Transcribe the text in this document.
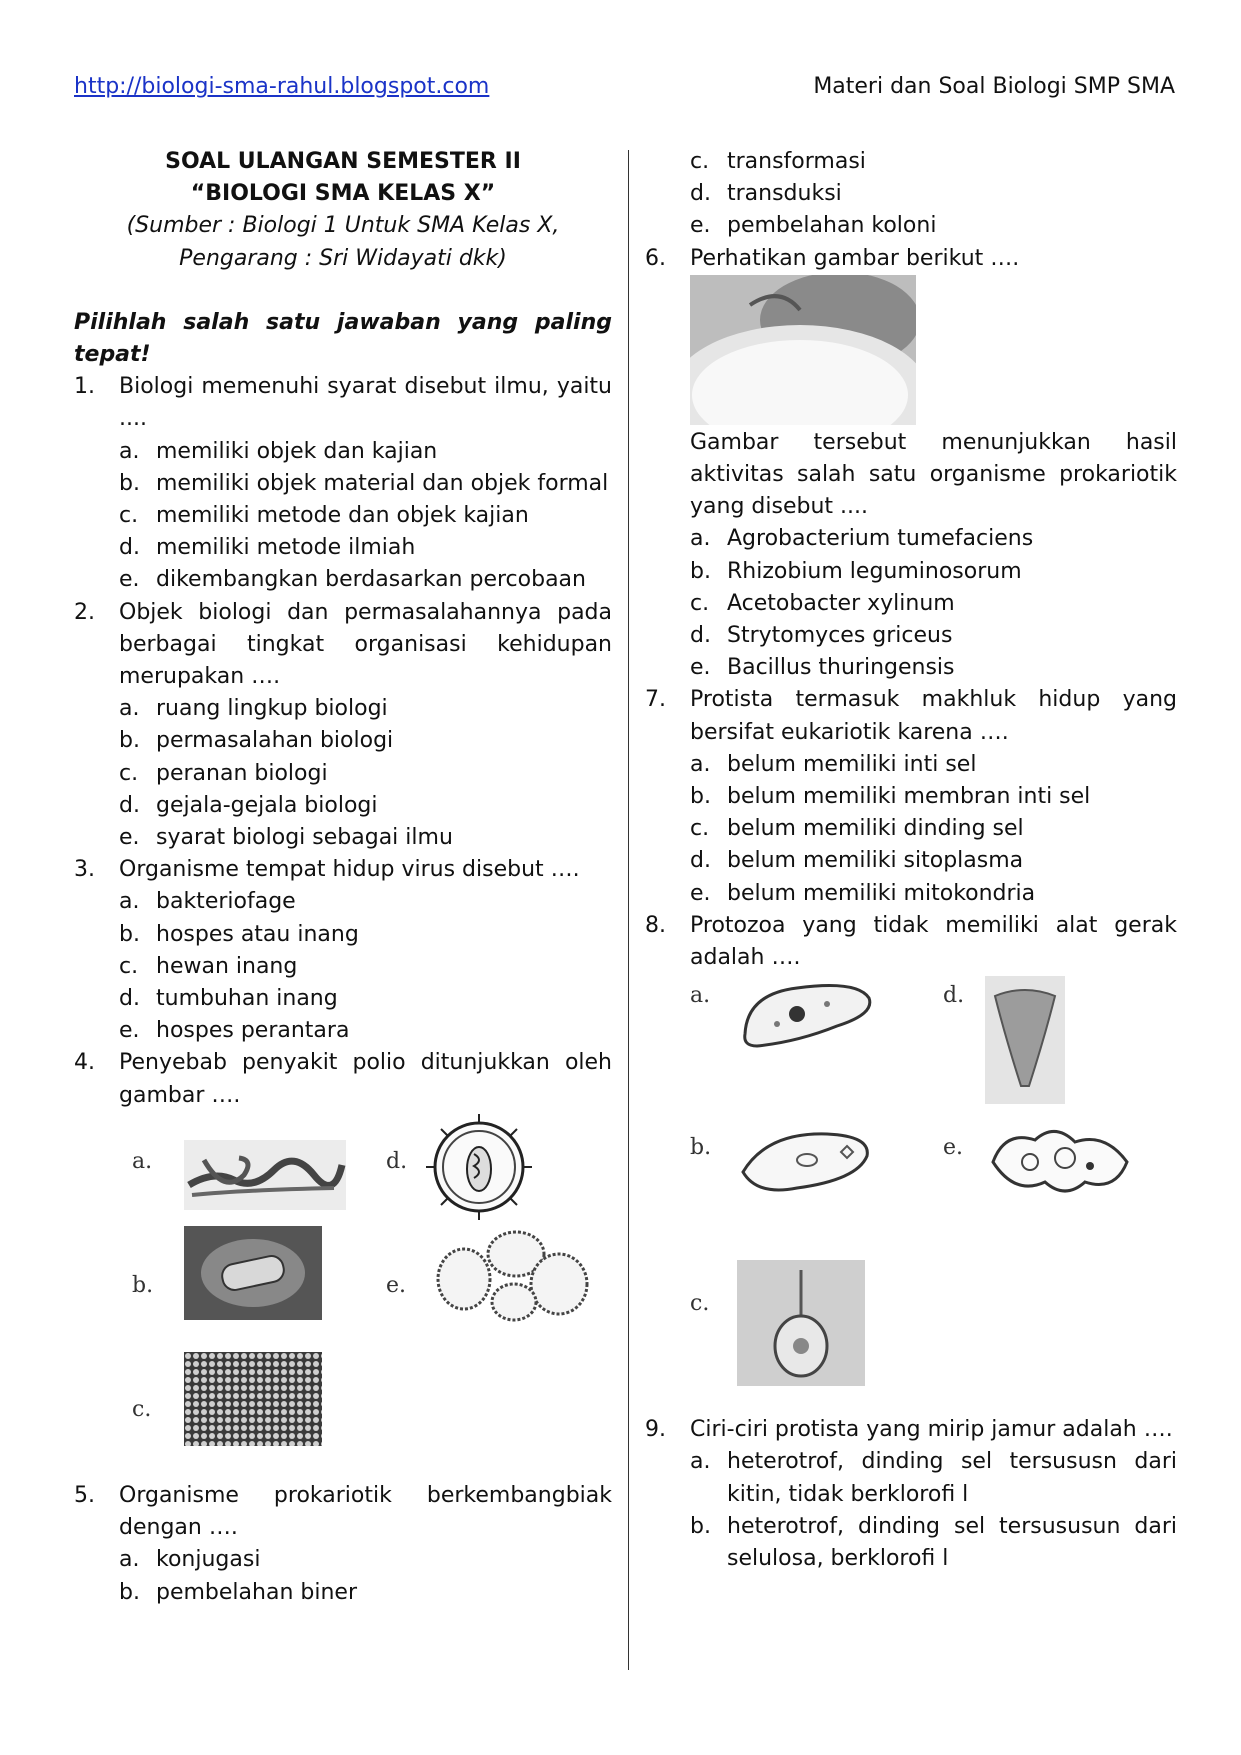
http://biologi-sma-rahul.blogspot.com	Materi dan Soal Biologi SMP SMA
SOAL ULANGAN SEMESTER II
“BIOLOGI SMA KELAS X”
(Sumber : Biologi 1 Untuk SMA Kelas X,
Pengarang : Sri Widayati dkk)
Pilihlah salah satu jawaban yang paling
tepat!
1.	Biologi memenuhi syarat disebut ilmu, yaitu ....
a. memiliki objek dan kajian
b. memiliki objek material dan objek formal
c. memiliki metode dan objek kajian
d. memiliki metode ilmiah
e. dikembangkan berdasarkan percobaan
2.	Objek biologi dan permasalahannya pada berbagai tingkat organisasi kehidupan merupakan ….
a. ruang lingkup biologi
b. permasalahan biologi
c. peranan biologi
d. gejala-gejala biologi
e. syarat biologi sebagai ilmu
3.	Organisme tempat hidup virus disebut ….
a. bakteriofage
b. hospes atau inang
c. hewan inang
d. tumbuhan inang
e. hospes perantara
4.	Penyebab penyakit polio ditunjukkan oleh gambar ….
a.
b.
c.
d.
e.
5.	Organisme prokariotik berkembangbiak dengan ….
a. konjugasi
b. pembelahan biner
c. transformasi
d. transduksi
e. pembelahan koloni
6.	Perhatikan gambar berikut ….
Gambar tersebut menunjukkan hasil aktivitas salah satu organisme prokariotik yang disebut ....
a. Agrobacterium tumefaciens
b. Rhizobium leguminosorum
c. Acetobacter xylinum
d. Strytomyces griceus
e. Bacillus thuringensis
7.	Protista termasuk makhluk hidup yang bersifat eukariotik karena ….
a. belum memiliki inti sel
b. belum memiliki membran inti sel
c. belum memiliki dinding sel
d. belum memiliki sitoplasma
e. belum memiliki mitokondria
8.	Protozoa yang tidak memiliki alat gerak adalah ….
a.
b.
c.
d.
e.
9.	Ciri-ciri protista yang mirip jamur adalah ….
a. heterotrof, dinding sel tersususn dari kitin, tidak berklorofi l
b. heterotrof, dinding sel tersususun dari selulosa, berklorofi l
